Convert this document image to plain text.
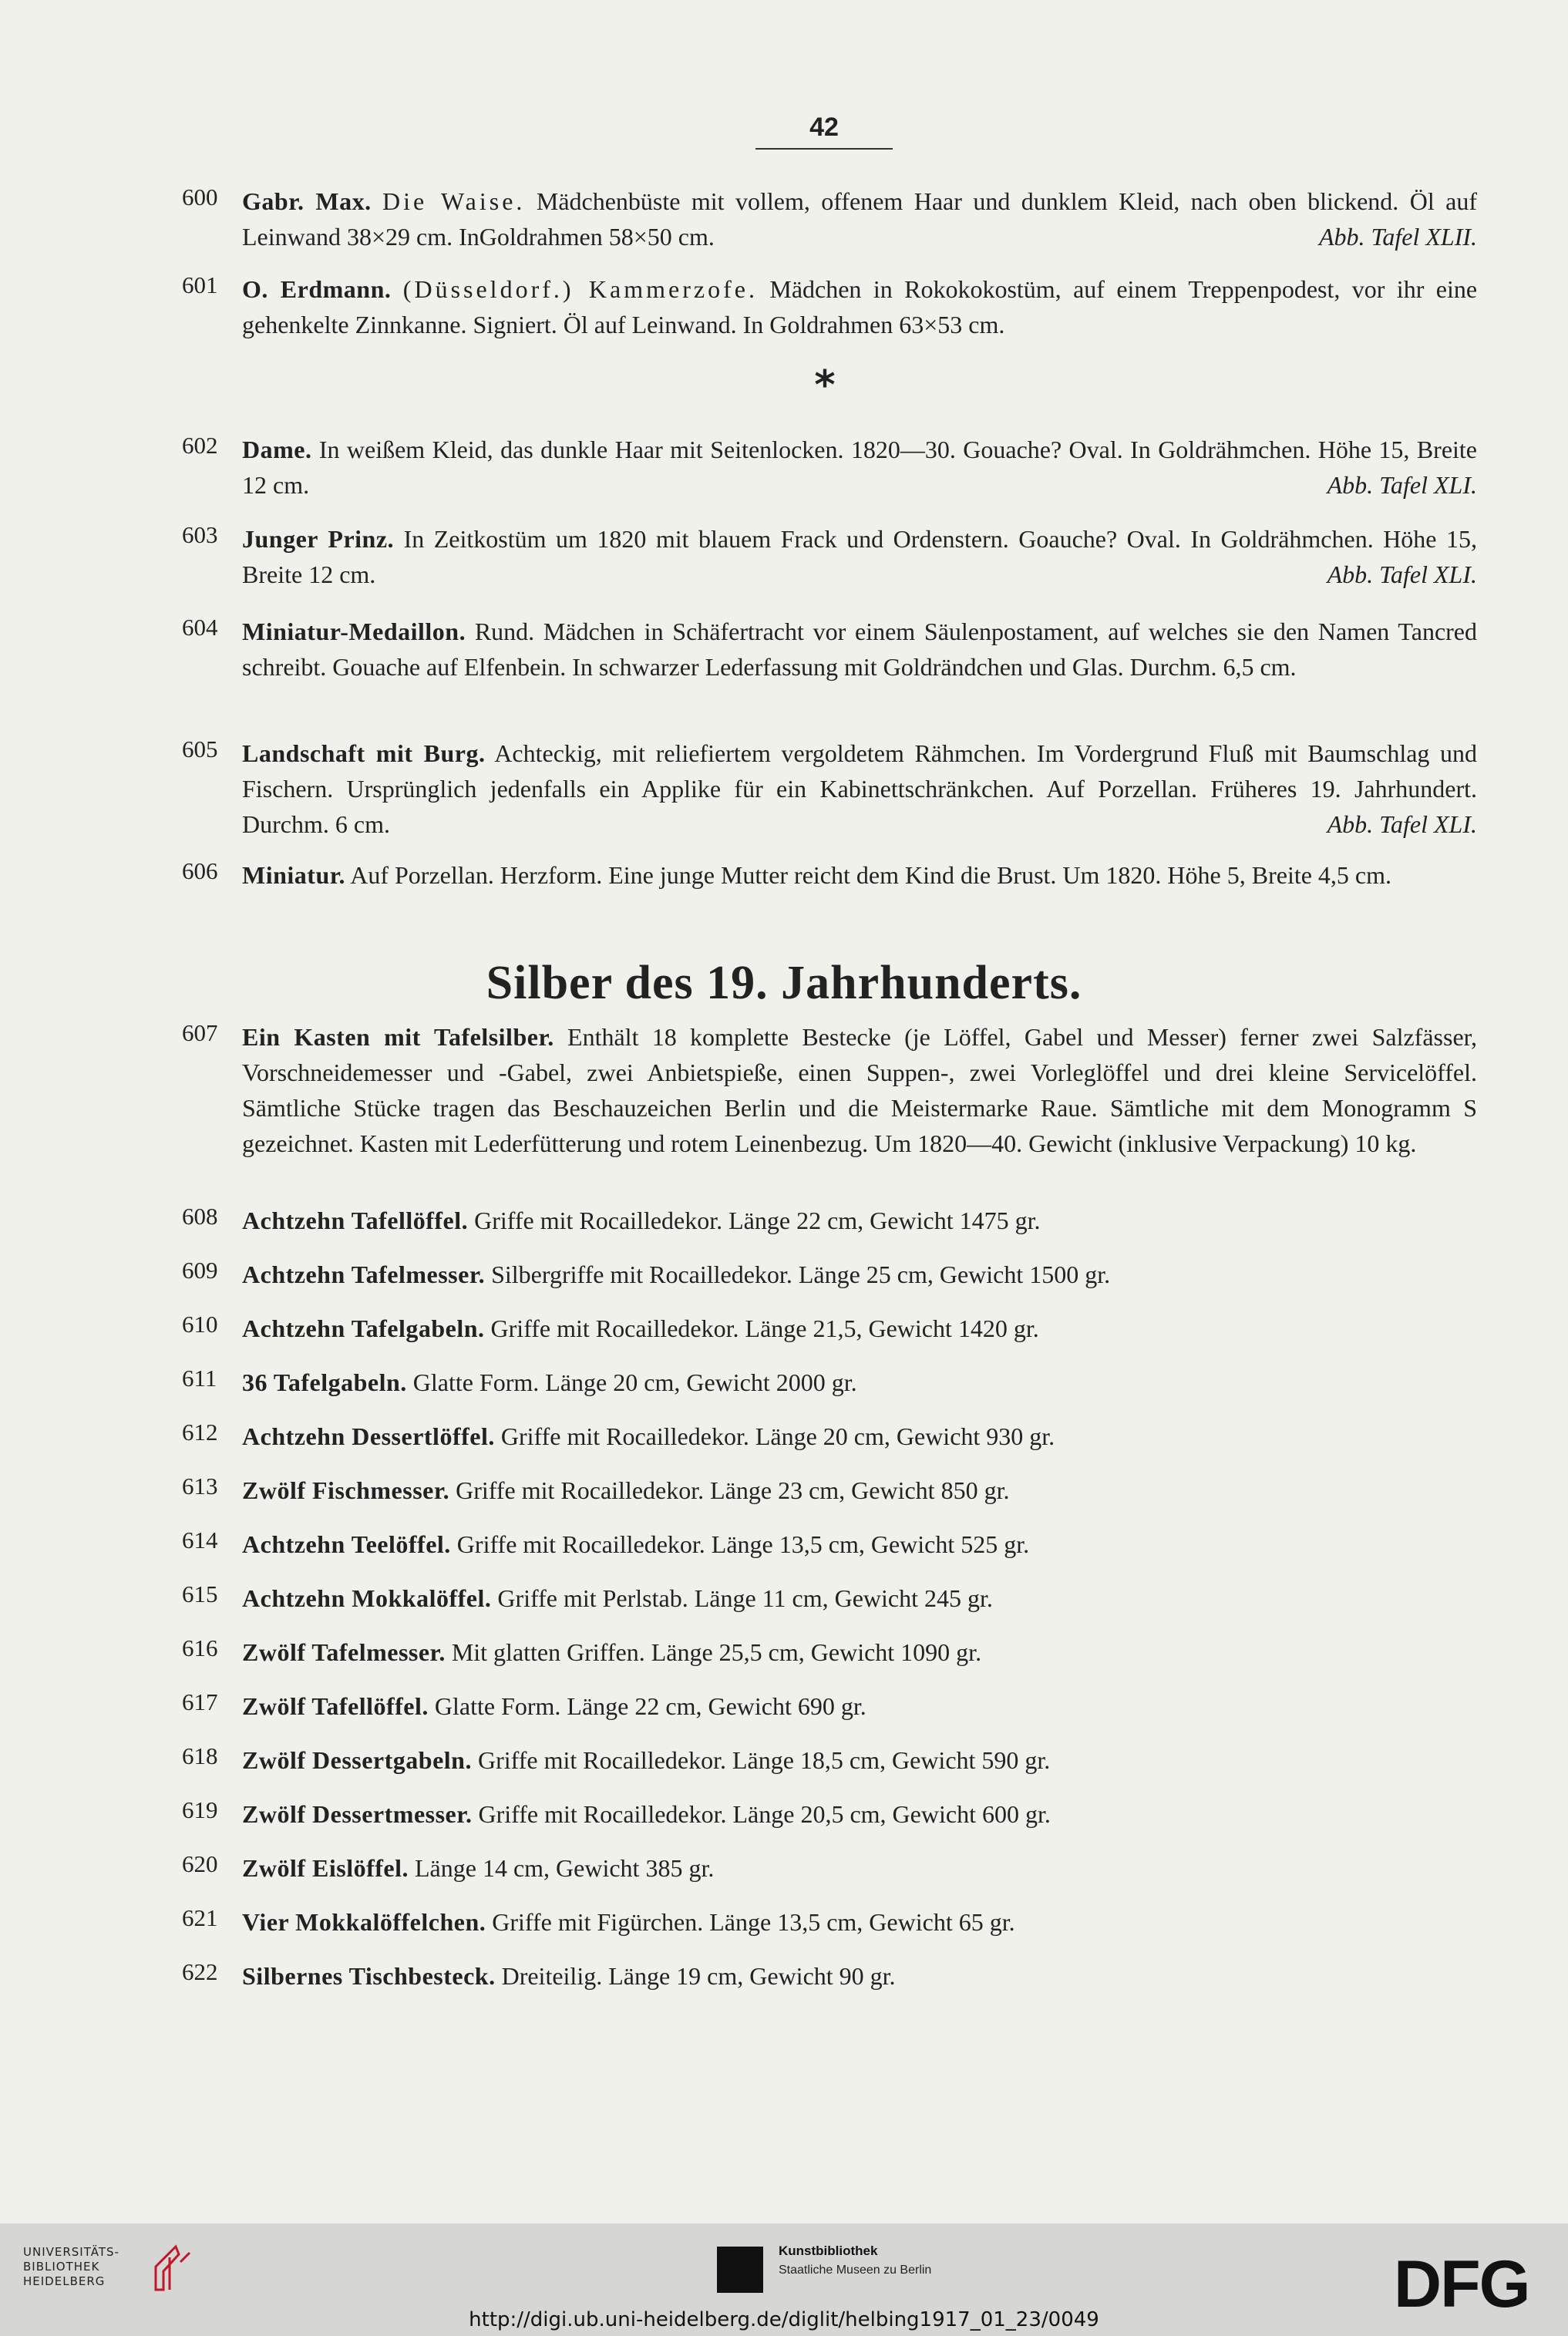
42
600 Gabr. Max. Die Waise. Mädchenbüste mit vollem, offenem Haar und dunklem Kleid, nach oben blickend. Öl auf Leinwand 38×29 cm. InGoldrahmen 58×50 cm.	Abb. Tafel XLII.
601 O. Erdmann. (Düsseldorf.) Kammerzofe. Mädchen in Rokokokostüm, auf einem Treppenpodest, vor ihr eine gehenkelte Zinnkanne. Signiert. Öl auf Leinwand. In Goldrahmen 63×53 cm.
*
602 Dame. In weißem Kleid, das dunkle Haar mit Seitenlocken. 1820—30. Gouache? Oval. In Goldrähmchen. Höhe 15, Breite 12 cm.	Abb. Tafel XLI.
603 Junger Prinz. In Zeitkostüm um 1820 mit blauem Frack und Ordenstern. Goauche? Oval. In Goldrähmchen. Höhe 15, Breite 12 cm.	Abb. Tafel XLI.
604 Miniatur-Medaillon. Rund. Mädchen in Schäfertracht vor einem Säulenpostament, auf welches sie den Namen Tancred schreibt. Gouache auf Elfenbein. In schwarzer Lederfassung mit Goldrändchen und Glas. Durchm. 6,5 cm.
605 Landschaft mit Burg. Achteckig, mit reliefiertem vergoldetem Rähmchen. Im Vordergrund Fluß mit Baumschlag und Fischern. Ursprünglich jedenfalls ein Applike für ein Kabinettschränkchen. Auf Porzellan. Früheres 19. Jahrhundert. Durchm. 6 cm.	Abb. Tafel XLI.
606 Miniatur. Auf Porzellan. Herzform. Eine junge Mutter reicht dem Kind die Brust. Um 1820. Höhe 5, Breite 4,5 cm.
Silber des 19. Jahrhunderts.
607 Ein Kasten mit Tafelsilber. Enthält 18 komplette Bestecke (je Löffel, Gabel und Messer) ferner zwei Salzfässer, Vorschneidemesser und -Gabel, zwei Anbietspieße, einen Suppen-, zwei Vorleglöffel und drei kleine Servicelöffel. Sämtliche Stücke tragen das Beschauzeichen Berlin und die Meistermarke Raue. Sämtliche mit dem Monogramm S gezeichnet. Kasten mit Lederfütterung und rotem Leinenbezug. Um 1820—40. Gewicht (inklusive Verpackung) 10 kg.
608 Achtzehn Tafellöffel. Griffe mit Rocailledekor. Länge 22 cm, Gewicht 1475 gr.
609 Achtzehn Tafelmesser. Silbergriffe mit Rocailledekor. Länge 25 cm, Gewicht 1500 gr.
610 Achtzehn Tafelgabeln. Griffe mit Rocailledekor. Länge 21,5, Gewicht 1420 gr.
611	36 Tafelgabeln. Glatte Form. Länge 20 cm, Gewicht 2000 gr.
612 Achtzehn Dessertlöffel. Griffe mit Rocailledekor. Länge 20 cm, Gewicht 930 gr.
613 Zwölf Fischmesser. Griffe mit Rocailledekor. Länge 23 cm, Gewicht 850 gr.
614 Achtzehn Teelöffel. Griffe mit Rocailledekor. Länge 13,5 cm, Gewicht 525 gr.
615 Achtzehn Mokkalöffel. Griffe mit Perlstab. Länge 11 cm, Gewicht 245 gr.
616 Zwölf Tafelmesser. Mit glatten Griffen. Länge 25,5 cm, Gewicht 1090 gr.
617 Zwölf Tafellöffel. Glatte Form. Länge 22 cm, Gewicht 690 gr.
618 Zwölf Dessertgabeln. Griffe mit Rocailledekor. Länge 18,5 cm, Gewicht 590 gr.
619 Zwölf Dessertmesser. Griffe mit Rocailledekor. Länge 20,5 cm, Gewicht 600 gr.
620 Zwölf Eislöffel. Länge 14 cm, Gewicht 385 gr.
621 Vier Mokkalöffelchen. Griffe mit Figürchen. Länge 13,5 cm, Gewicht 65 gr.
622 Silbernes Tischbesteck. Dreiteilig. Länge 19 cm, Gewicht 90 gr.
UNIVERSITÄTS-
BIBLIOTHEK
HEIDELBERG
Kunstbibliothek
Staatliche Museen zu Berlin	DFG
http://digi.ub.uni-heidelberg.de/diglit/helbing1917_01_23/0049
